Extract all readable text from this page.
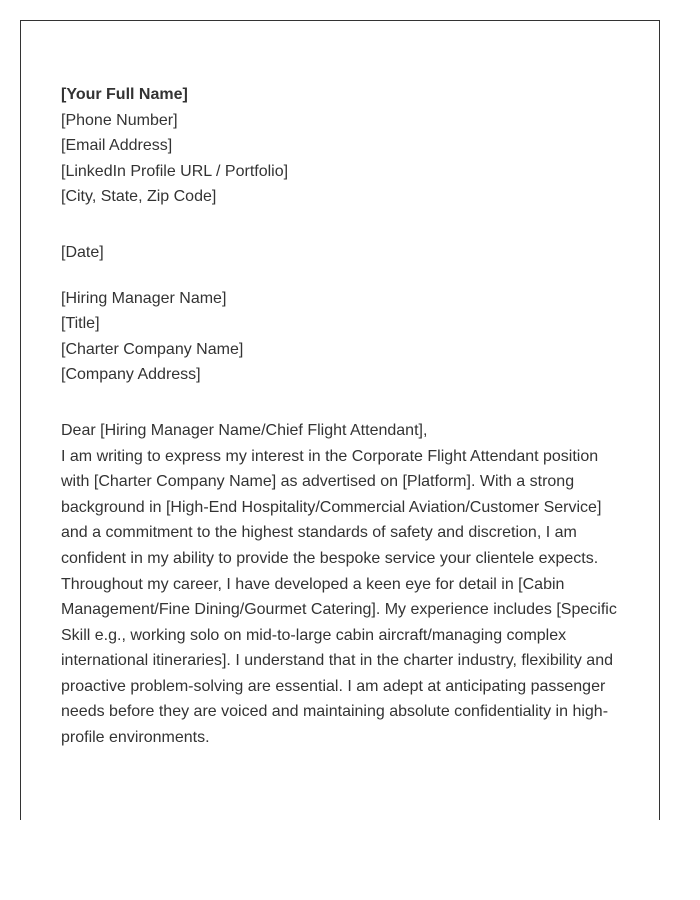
[Your Full Name]
[Phone Number]
[Email Address]
[LinkedIn Profile URL / Portfolio]
[City, State, Zip Code]
[Date]
[Hiring Manager Name]
[Title]
[Charter Company Name]
[Company Address]
Dear [Hiring Manager Name/Chief Flight Attendant],

I am writing to express my interest in the Corporate Flight Attendant position with [Charter Company Name] as advertised on [Platform]. With a strong background in [High-End Hospitality/Commercial Aviation/Customer Service] and a commitment to the highest standards of safety and discretion, I am confident in my ability to provide the bespoke service your clientele expects.

Throughout my career, I have developed a keen eye for detail in [Cabin Management/Fine Dining/Gourmet Catering]. My experience includes [Specific Skill e.g., working solo on mid-to-large cabin aircraft/managing complex international itineraries]. I understand that in the charter industry, flexibility and proactive problem-solving are essential. I am adept at anticipating passenger needs before they are voiced and maintaining absolute confidentiality in high-profile environments.
